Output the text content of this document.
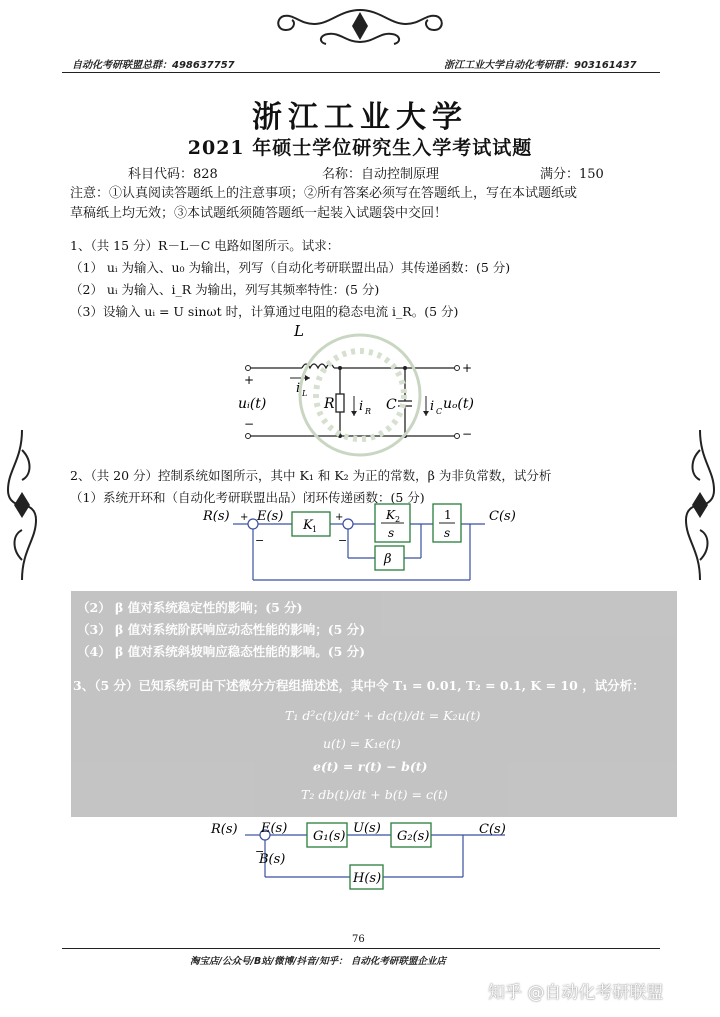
自动化考研联盟总群：498637757	浙江工业大学自动化考研群：903161437
浙江工业大学
2021 年硕士学位研究生入学考试试题
科目代码：828	名称：自动控制原理	满分：150
注意：①认真阅读答题纸上的注意事项；②所有答案必须写在答题纸上，写在本试题纸或
草稿纸上均无效；③本试题纸须随答题纸一起装入试题袋中交回！
1、（共 15 分）R－L－C 电路如图所示。试求：
（1） uᵢ 为输入、u₀ 为输出，列写（自动化考研联盟出品）其传递函数：(5 分)
（2） uᵢ 为输入、i_R 为输出，列写其频率特性：(5 分)
（3）设输入 uᵢ = U sinωt 时，计算通过电阻的稳态电流 i_R。(5 分)
L
i L
R i R C	i C
uᵢ(t)	uₒ(t)
+
−
+
−
2、（共 20 分）控制系统如图所示，其中 K₁ 和 K₂ 为正的常数，β 为非负常数，试分析
（1）系统开环和（自动化考研联盟出品）闭环传递函数：(5 分)
R(s) E(s)
K 1
K 2
s
1
s
β
C(s)
+	+
−	−
（2） β 值对系统稳定性的影响；(5 分)
（3） β 值对系统阶跃响应动态性能的影响；(5 分)
（4） β 值对系统斜坡响应稳态性能的影响。(5 分)
3、（5 分）已知系统可由下述微分方程组描述述，其中令 T₁ = 0.01, T₂ = 0.1, K = 10 ，试分析：
T₁ d²c(t)/dt² + dc(t)/dt = K₂u(t)
u(t) = K₁e(t)
e(t) = r(t) − b(t)
T₂ db(t)/dt + b(t) = c(t)
R(s) E(s)
G₁(s)
U(s)
G₂(s)	C(s)
B(s)
H(s)
−
76
淘宝店/公众号/B站/微博/抖音/知乎： 自动化考研联盟企业店
知乎 @自动化考研联盟
